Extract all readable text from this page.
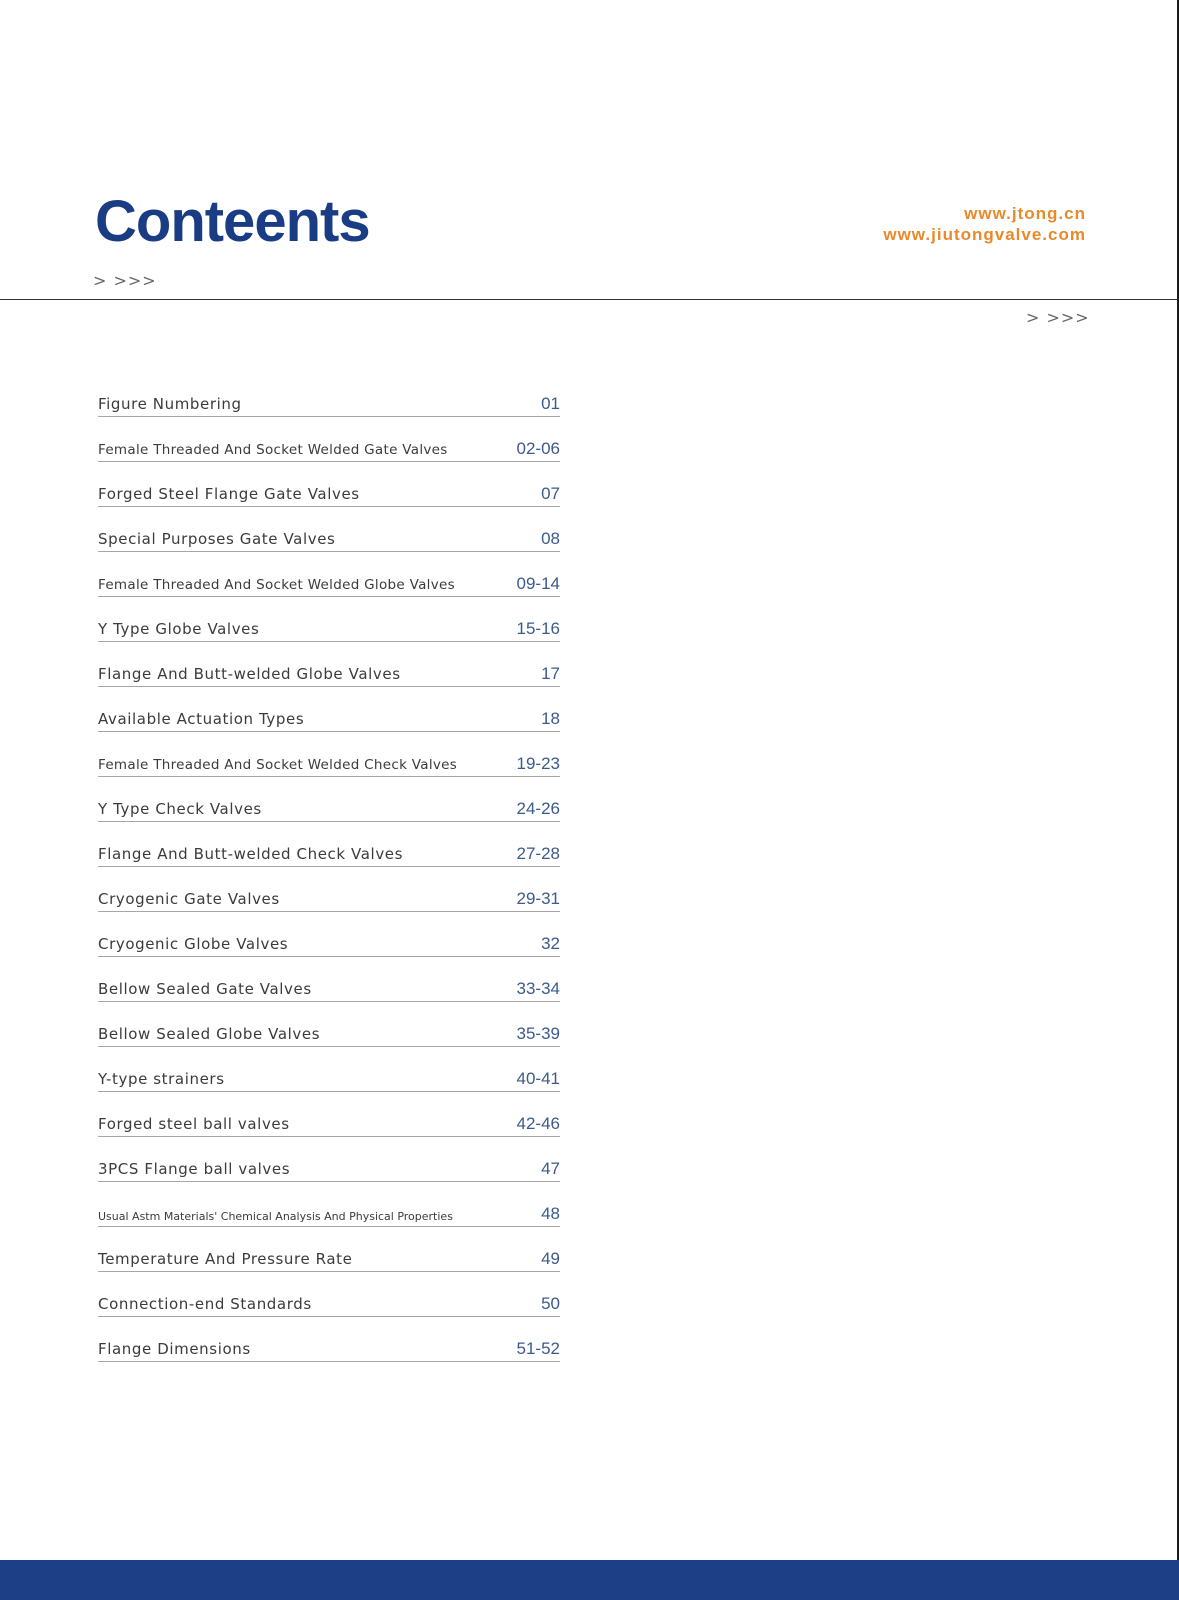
Conteents	www.jtong.cn
www.jiutongvalve.com
> >>>
> >>>
Figure Numbering	01
Female Threaded And Socket Welded Gate Valves	02-06
Forged Steel Flange Gate Valves	07
Special Purposes Gate Valves	08
Female Threaded And Socket Welded Globe Valves	09-14
Y Type Globe Valves	15-16
Flange And Butt-welded Globe Valves	17
Available Actuation Types	18
Female Threaded And Socket Welded Check Valves	19-23
Y Type Check Valves	24-26
Flange And Butt-welded Check Valves	27-28
Cryogenic Gate Valves	29-31
Cryogenic Globe Valves	32
Bellow Sealed Gate Valves	33-34
Bellow Sealed Globe Valves	35-39
Y-type strainers	40-41
Forged steel ball valves	42-46
3PCS Flange ball valves	47
Usual Astm Materials' Chemical Analysis And Physical Properties	48
Temperature And Pressure Rate	49
Connection-end Standards	50
Flange Dimensions	51-52
